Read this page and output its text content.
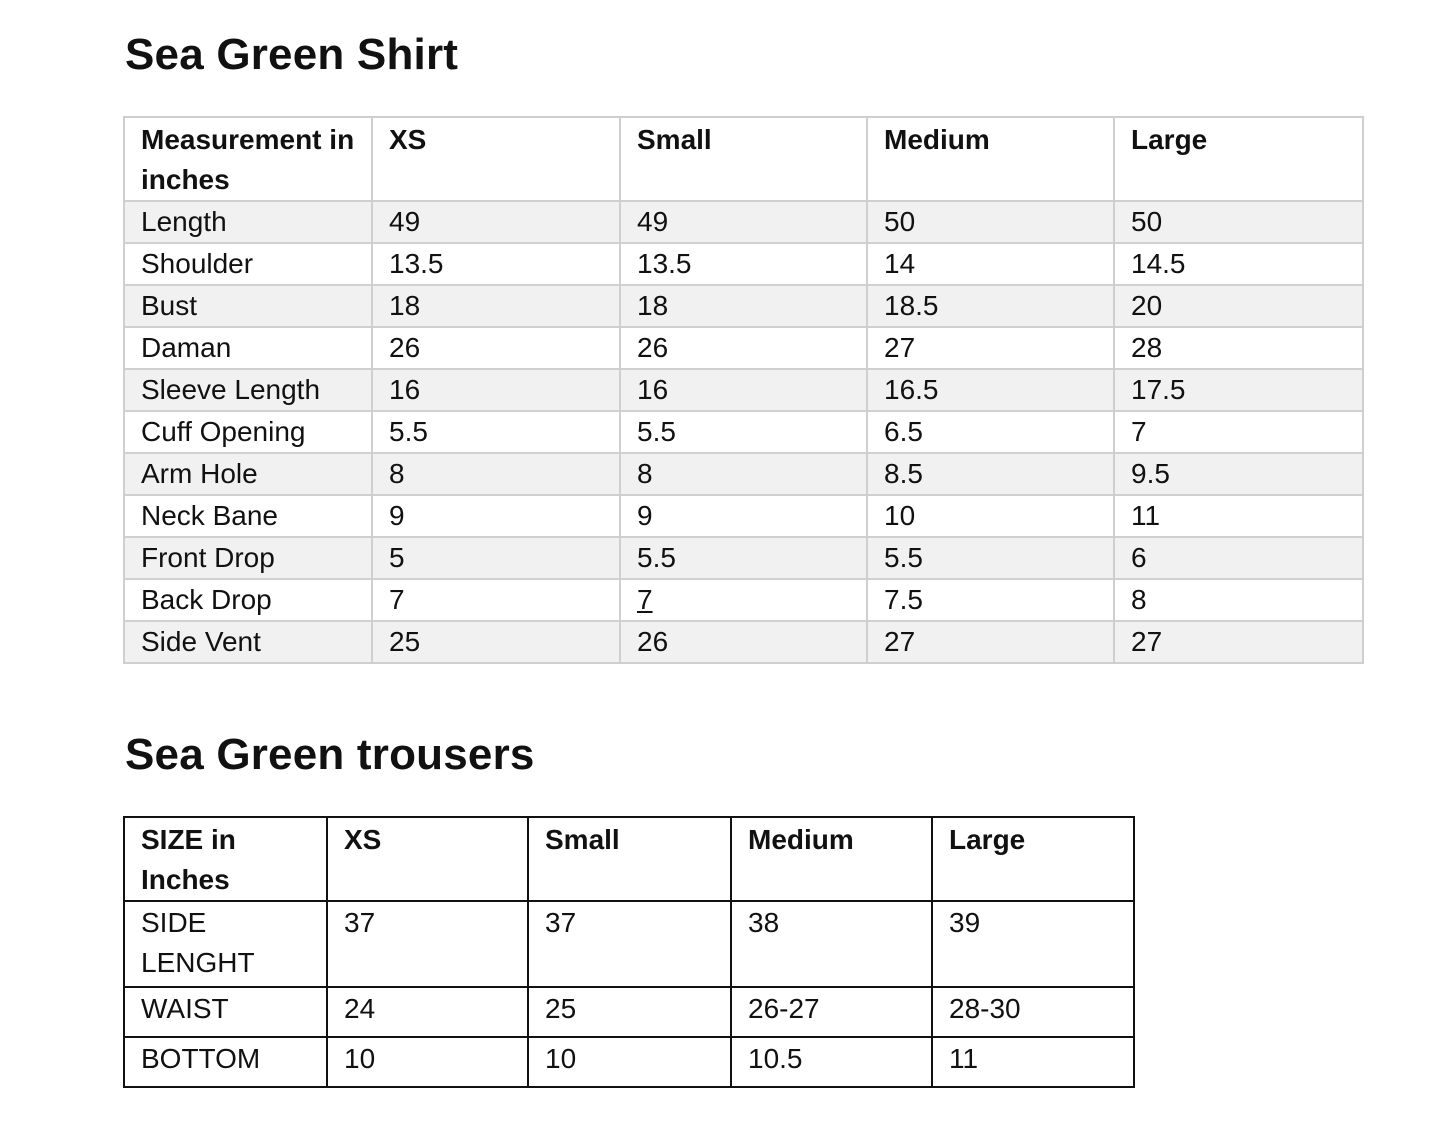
Sea Green Shirt
Measurement in inches	XS	Small	Medium	Large
Length	49	49	50	50
Shoulder	13.5	13.5	14	14.5
Bust	18	18	18.5	20
Daman	26	26	27	28
Sleeve Length	16	16	16.5	17.5
Cuff Opening	5.5	5.5	6.5	7
Arm Hole	8	8	8.5	9.5
Neck Bane	9	9	10	11
Front Drop	5	5.5	5.5	6
Back Drop	7	7	7.5	8
Side Vent	25	26	27	27
Sea Green trousers
SIZE in Inches	XS	Small	Medium	Large
SIDE LENGHT	37	37	38	39
WAIST	24	25	26-27	28-30
BOTTOM	10	10	10.5	11
